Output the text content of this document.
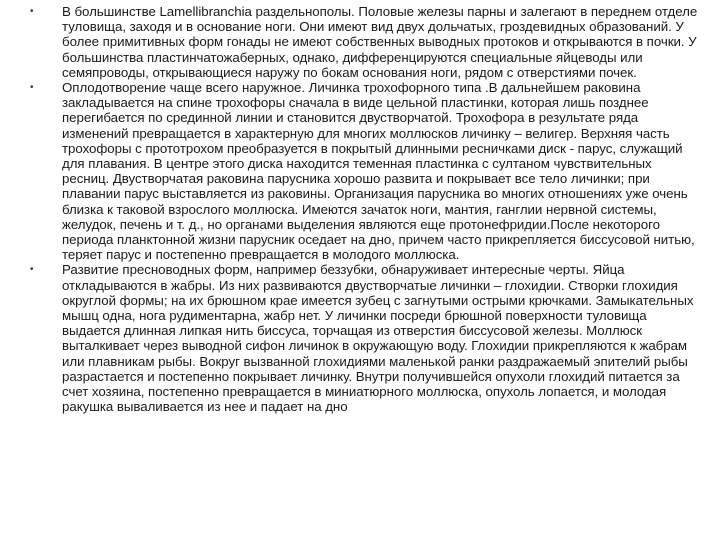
•	В большинстве Lamellibranchia раздельнополы. Половые железы парны и залегают в переднем отделе туловища, заходя и в основание ноги. Они имеют вид двух дольчатых, гроздевидных образований. У более примитивных форм гонады не имеют собственных выводных протоков и открываются в почки. У большинства пластинчатожаберных, однако, дифференцируются специальные яйцеводы или семяпроводы, открывающиеся наружу по бокам основания ноги, рядом с отверстиями почек.
•	Оплодотворение чаще всего наружное. Личинка трохофорного типа .В дальнейшем раковина закладывается на спине трохофоры сначала в виде цельной пластинки, которая лишь позднее перегибается по срединной линии и становится двустворчатой. Трохофора в результате ряда изменений превращается в характерную для многих моллюсков личинку – велигер. Верхняя часть трохофоры с прототрохом преобразуется в покрытый длинными ресничками диск - парус, служащий для плавания. В центре этого диска находится теменная пластинка с султаном чувствительных ресниц. Двустворчатая раковина парусника хорошо развита и покрывает все тело личинки; при плавании парус выставляется из раковины. Организация парусника во многих отношениях уже очень близка к таковой взрослого моллюска. Имеются зачаток ноги, мантия, ганглии нервной системы, желудок, печень и т. д., но органами выделения являются еще протонефридии.После некоторого периода планктонной жизни парусник оседает на дно, причем часто прикрепляется биссусовой нитью, теряет парус и постепенно превращается в молодого моллюска.
•	Развитие пресноводных форм, например беззубки, обнаруживает интересные черты. Яйца откладываются в жабры. Из них развиваются двустворчатые личинки – глохидии. Створки глохидия округлой формы; на их брюшном крае имеется зубец с загнутыми острыми крючками. Замыкательных мышц одна, нога рудиментарна, жабр нет. У личинки посреди брюшной поверхности туловища выдается длинная липкая нить биссуса, торчащая из отверстия биссусовой железы. Моллюск выталкивает через выводной сифон личинок в окружающую воду. Глохидии прикрепляются к жабрам или плавникам рыбы. Вокруг вызванной глохидиями маленькой ранки раздражаемый эпителий рыбы разрастается и постепенно покрывает личинку. Внутри получившейся опухоли глохидий питается за счет хозяина, постепенно превращается в миниатюрного моллюска, опухоль лопается, и молодая ракушка вываливается из нее и падает на дно
